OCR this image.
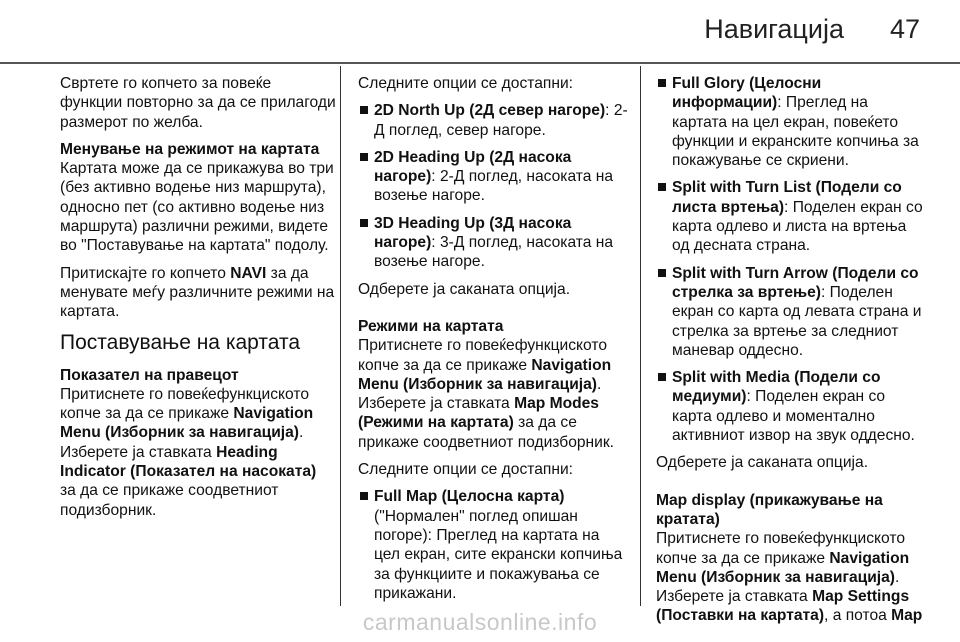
Навигација 47

Свртете го копчето за повеќе функции повторно за да се прилагоди размерот по желба.

Менување на режимот на картата

Картата може да се прикажува во три (без активно водење низ маршрута), односно пет (со активно водење низ маршрута) различни режими, видете во "Поставување на картата" подолу.

Притискајте го копчето NAVI за да менувате меѓу различните режими на картата.

Поставување на картата

Показател на правецот

Притиснете го повеќефункциското копче за да се прикаже Navigation Menu (Изборник за навигација). Изберете ја ставката Heading Indicator (Показател на насоката) за да се прикаже соодветниот подизборник.

Следните опции се достапни:

2D North Up (2Д север нагоре): 2-Д поглед, север нагоре.
2D Heading Up (2Д насока нагоре): 2-Д поглед, насоката на возење нагоре.
3D Heading Up (3Д насока нагоре): 3-Д поглед, насоката на возење нагоре.

Одберете ја саканата опција.

Режими на картата

Притиснете го повеќефункциското копче за да се прикаже Navigation Menu (Изборник за навигација). Изберете ја ставката Map Modes (Режими на картата) за да се прикаже соодветниот подизборник.

Следните опции се достапни:

Full Map (Целосна карта) ("Нормален" поглед опишан погоре): Преглед на картата на цел екран, сите екрански копчиња за функциите и покажувања се прикажани.
Full Glory (Целосни информации): Преглед на картата на цел екран, повеќето функции и екранските копчиња за покажување се скриени.
Split with Turn List (Подели со листа вртења): Поделен екран со карта одлево и листа на вртења од десната страна.
Split with Turn Arrow (Подели со стрелка за вртење): Поделен екран со карта од левата страна и стрелка за вртење за следниот маневар оддесно.
Split with Media (Подели со медиуми): Поделен екран со карта одлево и моментално активниот извор на звук оддесно.

Одберете ја саканата опција.

Map display (прикажување на кратата)

Притиснете го повеќефункциското копче за да се прикаже Navigation Menu (Изборник за навигација). Изберете ја ставката Map Settings (Поставки на картата), а потоа Map

carmanualsonline.info
